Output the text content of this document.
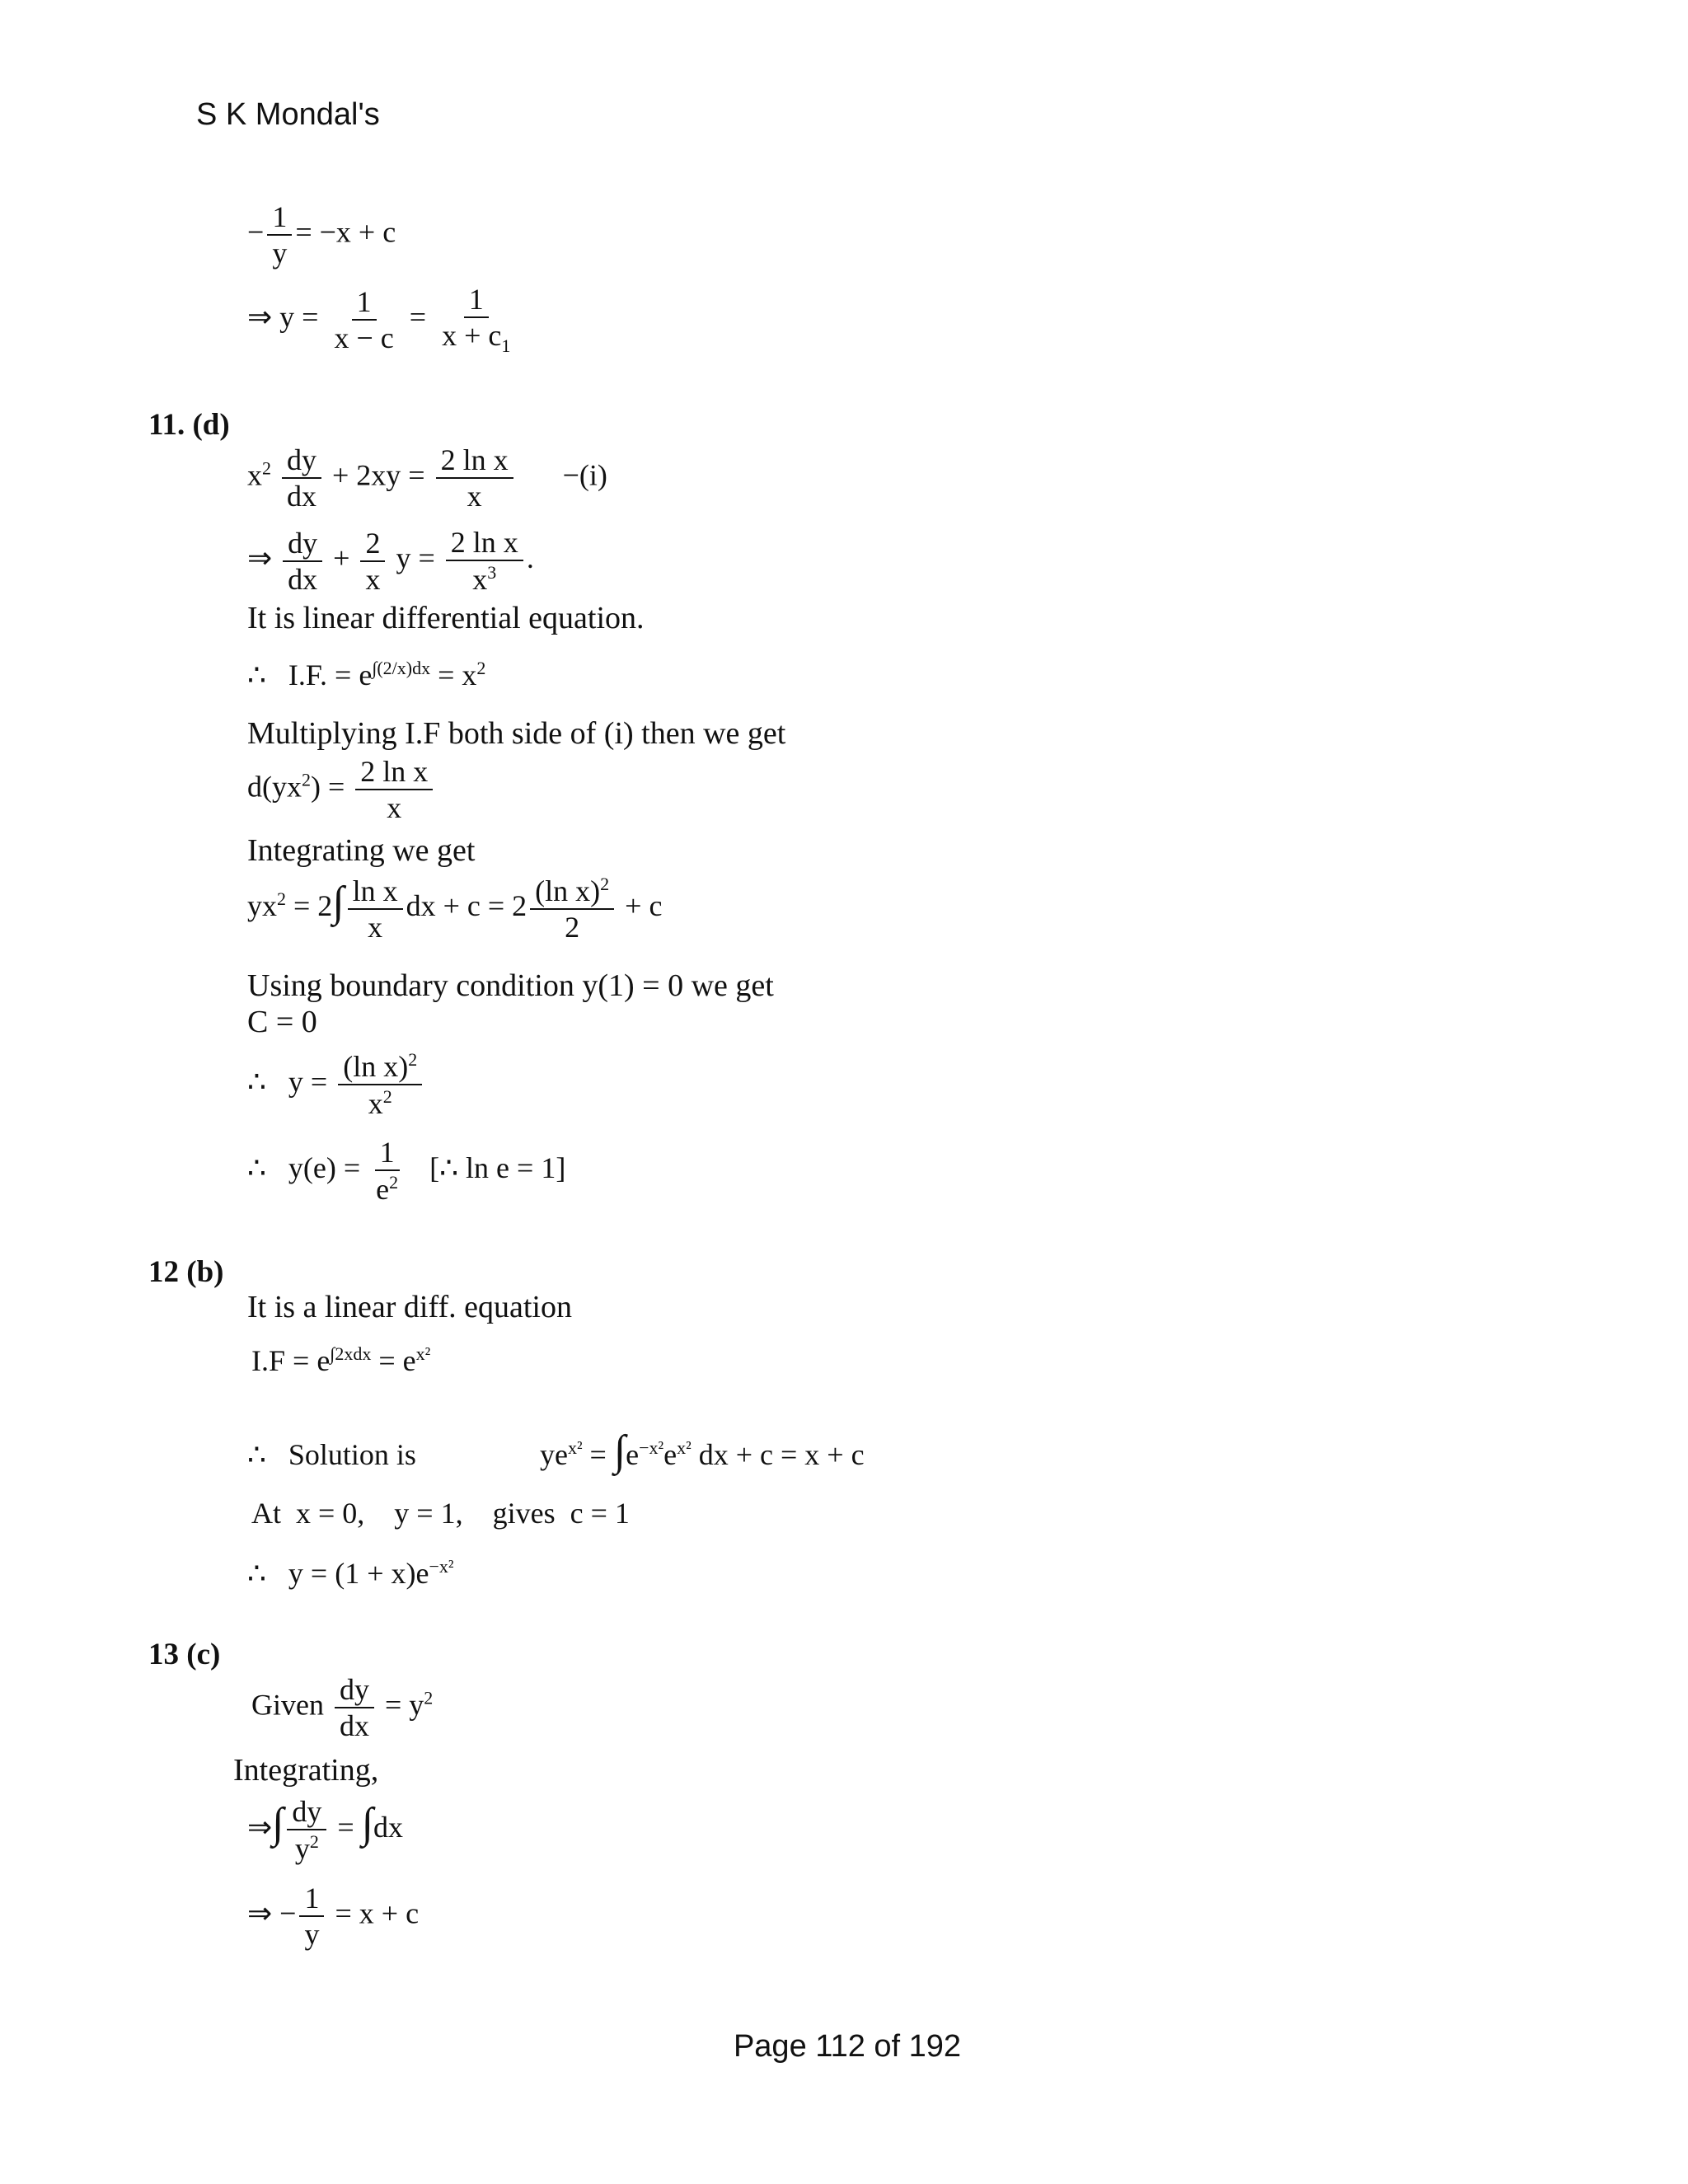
S K Mondal's
− $\frac{1}{y} = -x + c$
⇒ $y = \frac{1}{x - c} = \frac{1}{x + c_1}$
11. (d)
$x^2 \frac{dy}{dx} + 2xy = \frac{\text{2 ln x}}{x} -(i)$
⇒ $\frac{dy}{dx} + \frac{2}{x}$ $y = \frac{\text{2 ln x}}{x^3}$ .
It is linear differential equation.
∴   I.F. = $e^{\int(2/x)dx} = x^2$
Multiplying I.F both side of (i) then we get
$d(yx^2) = \frac{\text{2 ln x}}{x}$
Integrating we get
$yx^2 = 2\int \frac{\text{ln x}}{x}$ dx + $c = 2 \frac{(\ln x)^2}{2} + c$
Using boundary condition y(1) = 0 we get
C = 0
∴   $y = \frac{(\ln x)^2}{x^2}$
∴   $y(e) = \frac{1}{e^2}$ [∴ ln e = 1]
12 (b)
It is a linear diff. equation
$I.F = e^{\int 2xdx} = e^{x^2}$
∴   Solution is	$ye^{x^2} = \int e^{-x^2}e^{x^2}$ dx + c = x + c
At  x = 0,    y = 1,    gives  c = 1
∴   $y = (1 + x)e^{-x^2}$
13 (c)
Given $\frac{dy}{dx} = y^2$
Integrating,
⇒∫ $\frac{dy}{y^2} = \int dx$
⇒ − $\frac{1}{y} = x + c$
Page 112 of 192
